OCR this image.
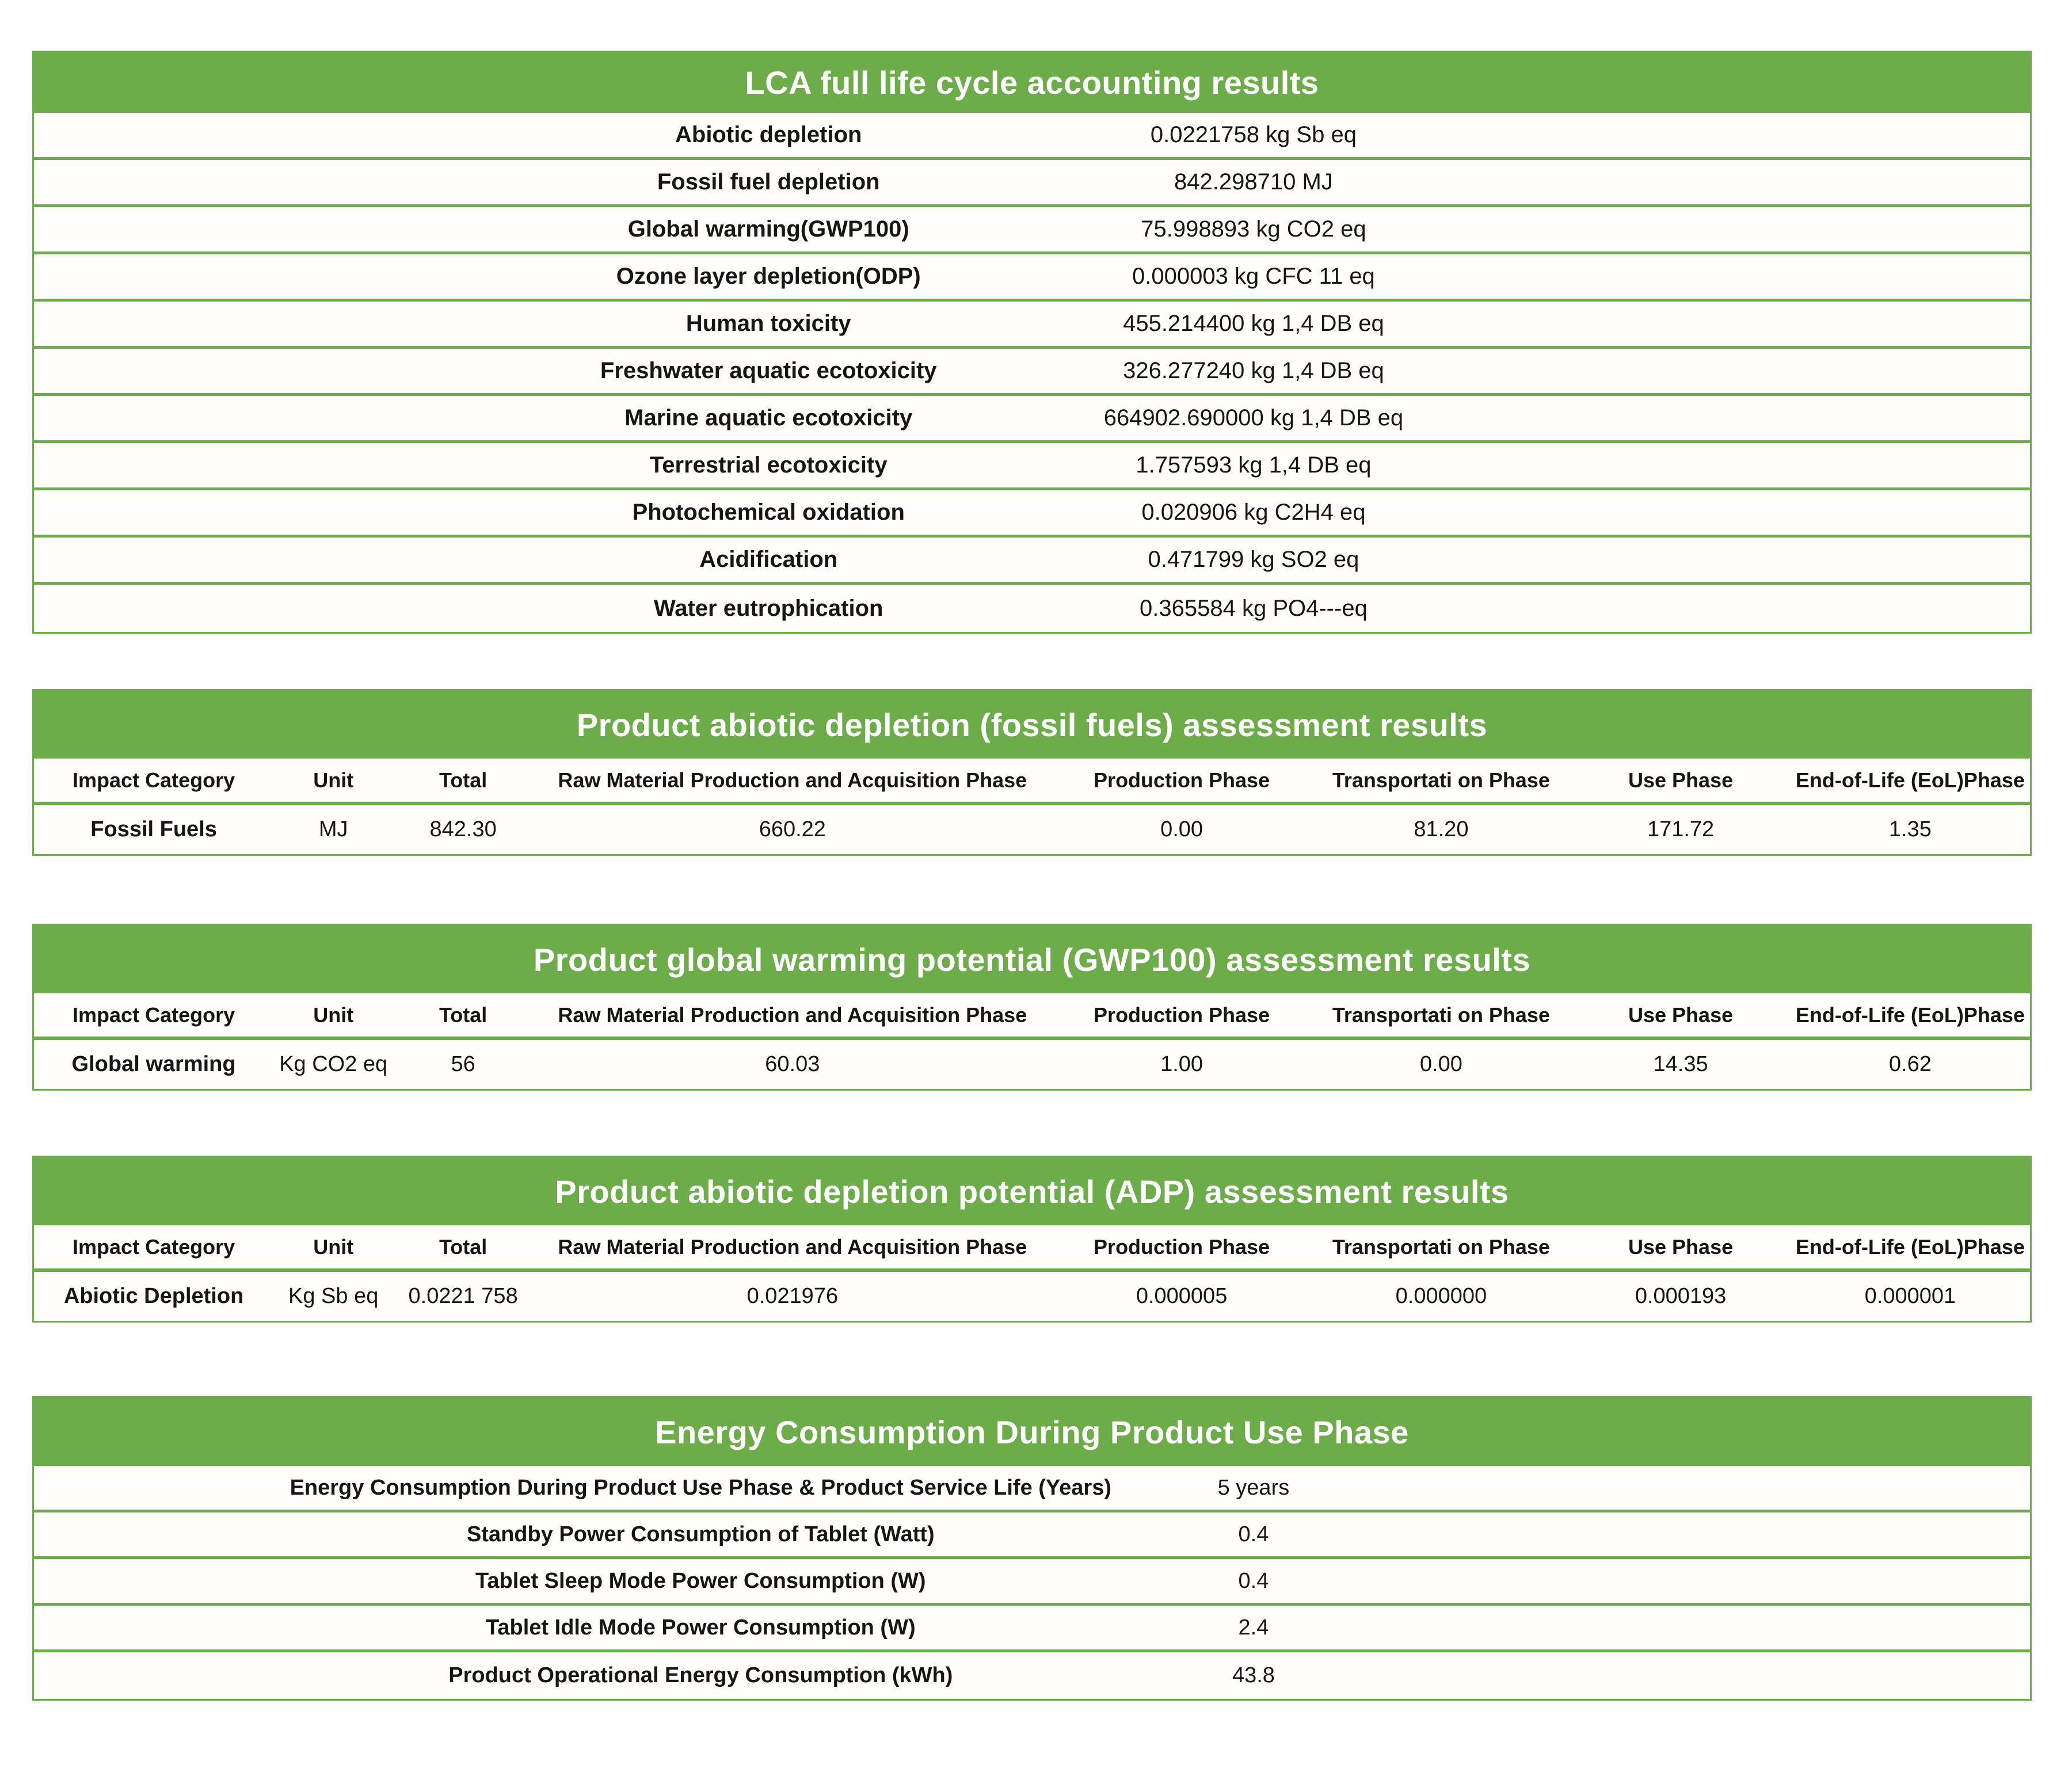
LCA full life cycle accounting results
Abiotic depletion	0.0221758 kg Sb eq
Fossil fuel depletion	842.298710 MJ
Global warming(GWP100)	75.998893 kg CO2 eq
Ozone layer depletion(ODP)	0.000003 kg CFC 11 eq
Human toxicity	455.214400 kg 1,4 DB eq
Freshwater aquatic ecotoxicity	326.277240 kg 1,4 DB eq
Marine aquatic ecotoxicity	664902.690000 kg 1,4 DB eq
Terrestrial ecotoxicity	1.757593 kg 1,4 DB eq
Photochemical oxidation	0.020906 kg C2H4 eq
Acidification	0.471799 kg SO2 eq
Water eutrophication	0.365584 kg PO4---eq
Product abiotic depletion (fossil fuels) assessment results
Impact Category	Unit	Total	Raw Material Production and Acquisition Phase	Production Phase	Transportati on Phase	Use Phase	End-of-Life (EoL)Phase
Fossil Fuels	MJ	842.30	660.22	0.00	81.20	171.72	1.35
Product global warming potential (GWP100) assessment results
Impact Category	Unit	Total	Raw Material Production and Acquisition Phase	Production Phase	Transportati on Phase	Use Phase	End-of-Life (EoL)Phase
Global warming	Kg CO2 eq	56	60.03	1.00	0.00	14.35	0.62
Product abiotic depletion potential (ADP) assessment results
Impact Category	Unit	Total	Raw Material Production and Acquisition Phase	Production Phase	Transportati on Phase	Use Phase	End-of-Life (EoL)Phase
Abiotic Depletion	Kg Sb eq	0.0221 758	0.021976	0.000005	0.000000	0.000193	0.000001
Energy Consumption During Product Use Phase
Energy Consumption During Product Use Phase & Product Service Life (Years)	5 years
Standby Power Consumption of Tablet (Watt)	0.4
Tablet Sleep Mode Power Consumption (W)	0.4
Tablet Idle Mode Power Consumption (W)	2.4
Product Operational Energy Consumption (kWh)	43.8
